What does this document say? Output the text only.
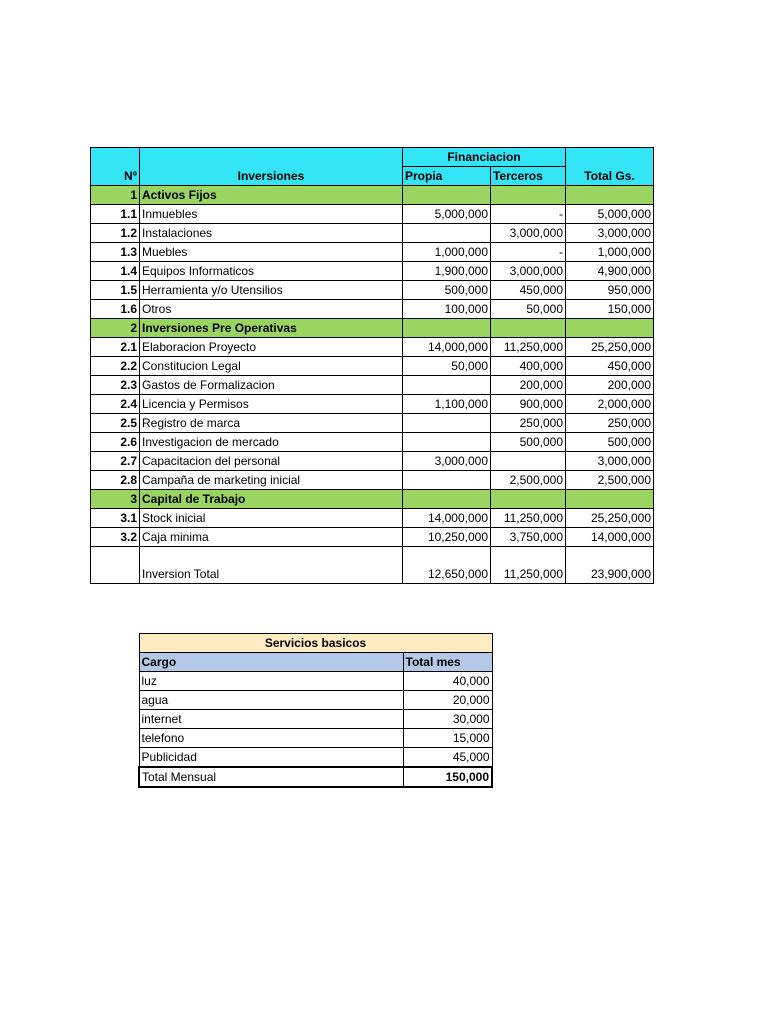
Nº	Inversiones	Financiacion		Total Gs.
		Propia	Terceros	
1	Activos Fijos			
1.1	Inmuebles	5,000,000	-	5,000,000
1.2	Instalaciones		3,000,000	3,000,000
1.3	Muebles	1,000,000	-	1,000,000
1.4	Equipos Informaticos	1,900,000	3,000,000	4,900,000
1.5	Herramienta y/o Utensilios	500,000	450,000	950,000
1.6	Otros	100,000	50,000	150,000
2	Inversiones Pre Operativas			
2.1	Elaboracion Proyecto	14,000,000	11,250,000	25,250,000
2.2	Constitucion Legal	50,000	400,000	450,000
2.3	Gastos de Formalizacion		200,000	200,000
2.4	Licencia y Permisos	1,100,000	900,000	2,000,000
2.5	Registro de marca		250,000	250,000
2.6	Investigacion de mercado		500,000	500,000
2.7	Capacitacion del personal	3,000,000		3,000,000
2.8	Campaña de marketing inicial		2,500,000	2,500,000
3	Capital de Trabajo			
3.1	Stock inicial	14,000,000	11,250,000	25,250,000
3.2	Caja minima	10,250,000	3,750,000	14,000,000

	Inversion Total	12,650,000	11,250,000	23,900,000
Servicios basicos	
Cargo	Total mes
luz	40,000
agua	20,000
internet	30,000
telefono	15,000
Publicidad	45,000
Total Mensual	150,000
